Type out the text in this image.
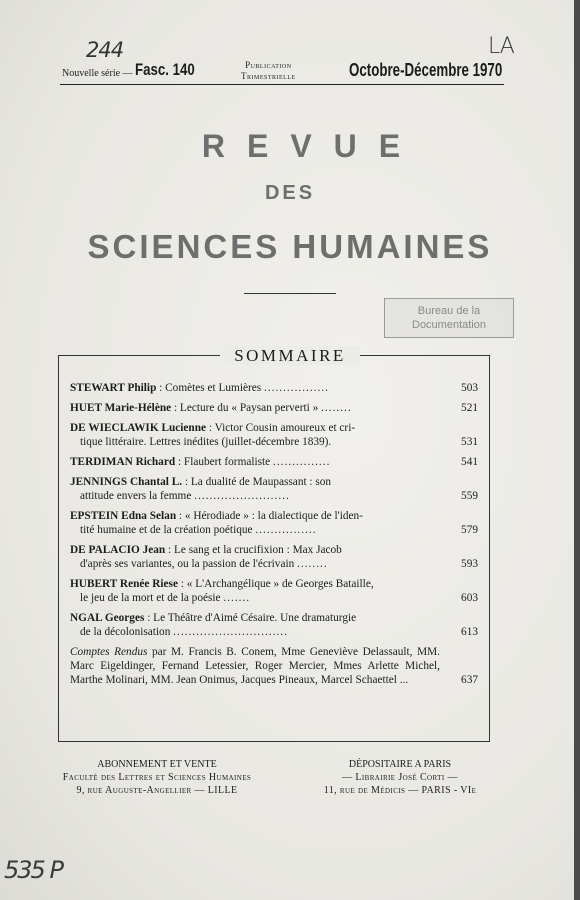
244	LA
Nouvelle série — Fasc. 140	Publication
Trimestrielle	Octobre-Décembre 1970
REVUE
DES
SCIENCES HUMAINES
Bureau de la
Documentation
SOMMAIRE
STEWART Philip : Comètes et Lumières .................	503
HUET Marie-Hélène : Lecture du « Paysan perverti » ........	521
DE WIECLAWIK Lucienne : Victor Cousin amoureux et cri-
tique littéraire. Lettres inédites (juillet-décembre 1839).	531
TERDIMAN Richard : Flaubert formaliste ...............	541
JENNINGS Chantal L. : La dualité de Maupassant : son
attitude envers la femme .........................	559
EPSTEIN Edna Selan : « Hérodiade » : la dialectique de l'iden-
tité humaine et de la création poétique ................	579
DE PALACIO Jean : Le sang et la crucifixion : Max Jacob
d'après ses variantes, ou la passion de l'écrivain ........	593
HUBERT Renée Riese : « L'Archangélique » de Georges Bataille,
le jeu de la mort et de la poésie .......	603
NGAL Georges : Le Théâtre d'Aimé Césaire. Une dramaturgie
de la décolonisation ..............................	613
Comptes Rendus par M. Francis B. Conem, Mme Geneviève Delassault, MM. Marc Eigeldinger, Fernand Letessier, Roger Mercier, Mmes Arlette Michel, Marthe Molinari, MM. Jean Onimus, Jacques Pineaux, Marcel Schaettel ...	637
ABONNEMENT ET VENTE
Faculté des Lettres et Sciences Humaines
9, rue Auguste-Angellier — LILLE
DÉPOSITAIRE A PARIS
— Librairie José Corti —
11, rue de Médicis — PARIS - VIe
535 P
